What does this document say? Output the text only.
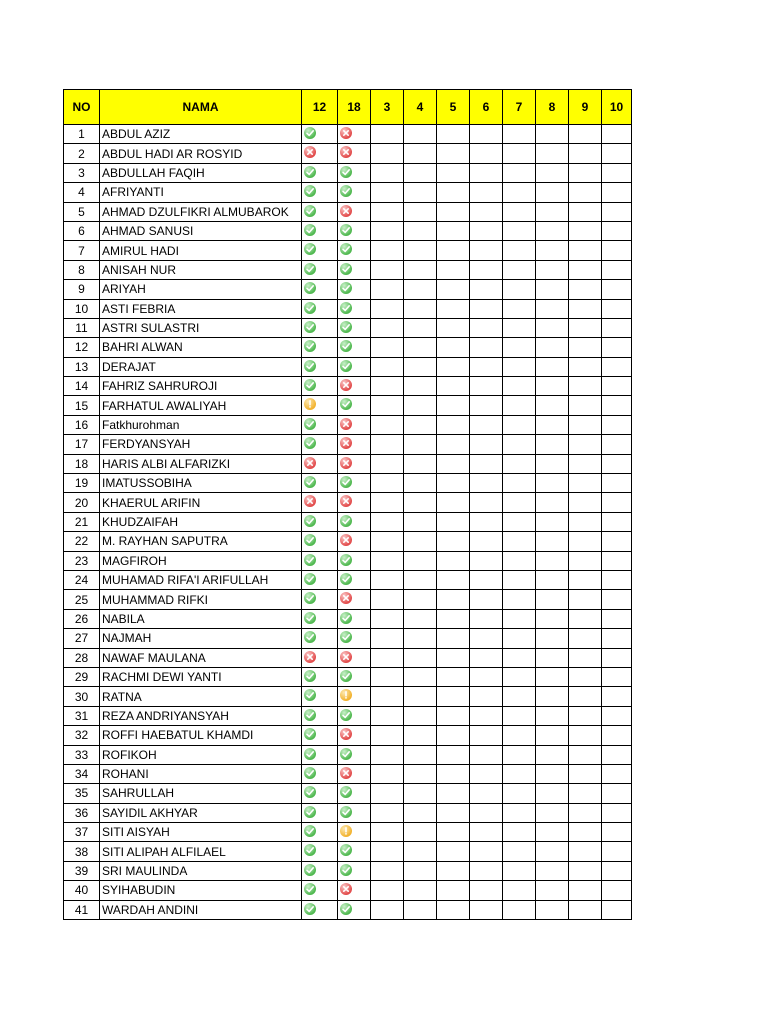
NO	NAMA	12	18	3	4	5	6	7	8	9	10
1	ABDUL AZIZ	

2	ABDUL HADI AR ROSYID	

3	ABDULLAH FAQIH	

4	AFRIYANTI	

5	AHMAD DZULFIKRI ALMUBAROK	

6	AHMAD SANUSI	

7	AMIRUL HADI	

8	ANISAH NUR	

9	ARIYAH	

10	ASTI FEBRIA	

11	ASTRI SULASTRI	

12	BAHRI ALWAN	

13	DERAJAT	

14	FAHRIZ SAHRUROJI	

15	FARHATUL AWALIYAH	

16	Fatkhurohman	

17	FERDYANSYAH	

18	HARIS ALBI ALFARIZKI	

19	IMATUSSOBIHA	

20	KHAERUL ARIFIN	

21	KHUDZAIFAH	

22	M. RAYHAN SAPUTRA	

23	MAGFIROH	

24	MUHAMAD RIFA'I ARIFULLAH	

25	MUHAMMAD RIFKI	

26	NABILA	

27	NAJMAH	

28	NAWAF MAULANA	

29	RACHMI DEWI YANTI	

30	RATNA	

31	REZA ANDRIYANSYAH	

32	ROFFI HAEBATUL KHAMDI	

33	ROFIKOH	

34	ROHANI	

35	SAHRULLAH	

36	SAYIDIL AKHYAR	

37	SITI AISYAH	

38	SITI ALIPAH ALFILAEL	

39	SRI MAULINDA	

40	SYIHABUDIN	

41	WARDAH ANDINI	
